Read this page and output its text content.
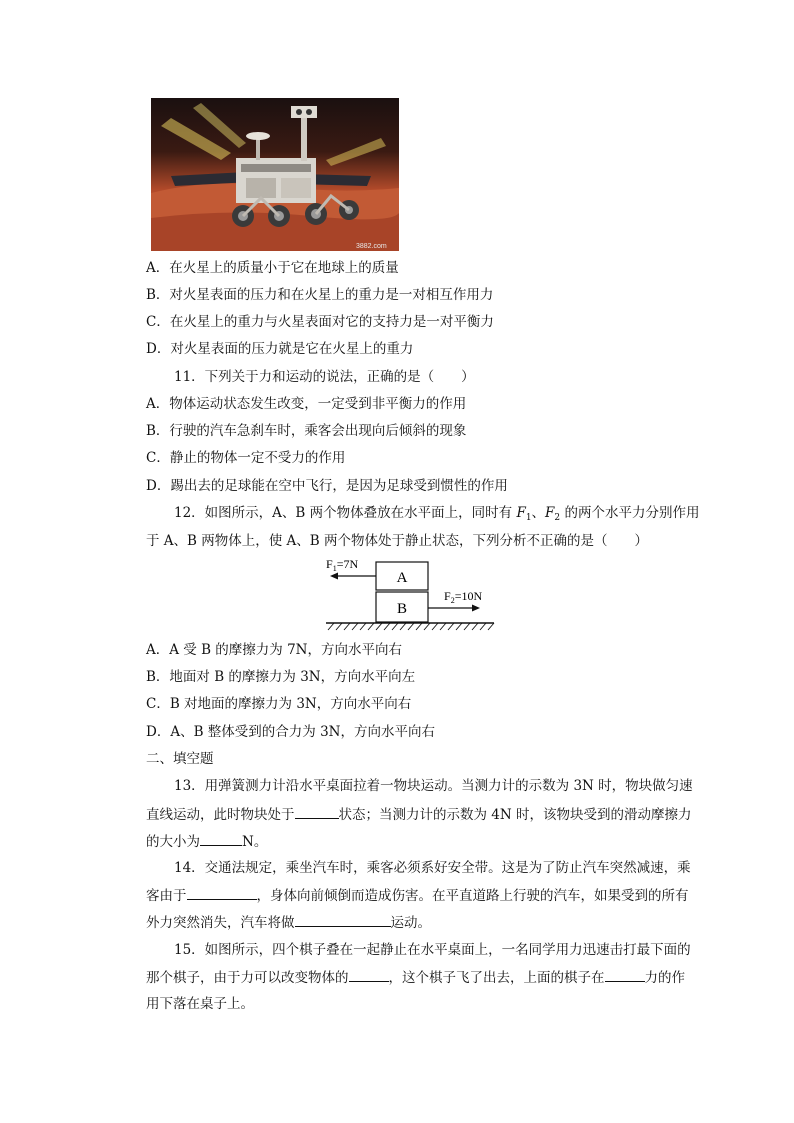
3882.com
A．在火星上的质量小于它在地球上的质量
B．对火星表面的压力和在火星上的重力是一对相互作用力
C．在火星上的重力与火星表面对它的支持力是一对平衡力
D．对火星表面的压力就是它在火星上的重力
11．下列关于力和运动的说法，正确的是（　　）
A．物体运动状态发生改变，一定受到非平衡力的作用
B．行驶的汽车急刹车时，乘客会出现向后倾斜的现象
C．静止的物体一定不受力的作用
D．踢出去的足球能在空中飞行，是因为足球受到惯性的作用
12．如图所示，A、B 两个物体叠放在水平面上，同时有 $F_1$、$F_2$ 的两个水平力分别作用
于 A、B 两物体上，使 A、B 两个物体处于静止状态，下列分析不正确的是（　　）
A
B
$F_1=7N$
$F_2=10N$
A．A 受 B 的摩擦力为 7N，方向水平向右
B．地面对 B 的摩擦力为 3N，方向水平向左
C．B 对地面的摩擦力为 3N，方向水平向右
D．A、B 整体受到的合力为 3N，方向水平向右
二、填空题
13．用弹簧测力计沿水平桌面拉着一物块运动。当测力计的示数为 3N 时，物块做匀速
直线运动，此时物块处于	状态；当测力计的示数为 4N 时，该物块受到的滑动摩擦力
的大小为	N。
14．交通法规定，乘坐汽车时，乘客必须系好安全带。这是为了防止汽车突然减速，乘
客由于	，身体向前倾倒而造成伤害。在平直道路上行驶的汽车，如果受到的所有
外力突然消失，汽车将做	运动。
15．如图所示，四个棋子叠在一起静止在水平桌面上，一名同学用力迅速击打最下面的
那个棋子，由于力可以改变物体的	，这个棋子飞了出去，上面的棋子在	力的作
用下落在桌子上。
